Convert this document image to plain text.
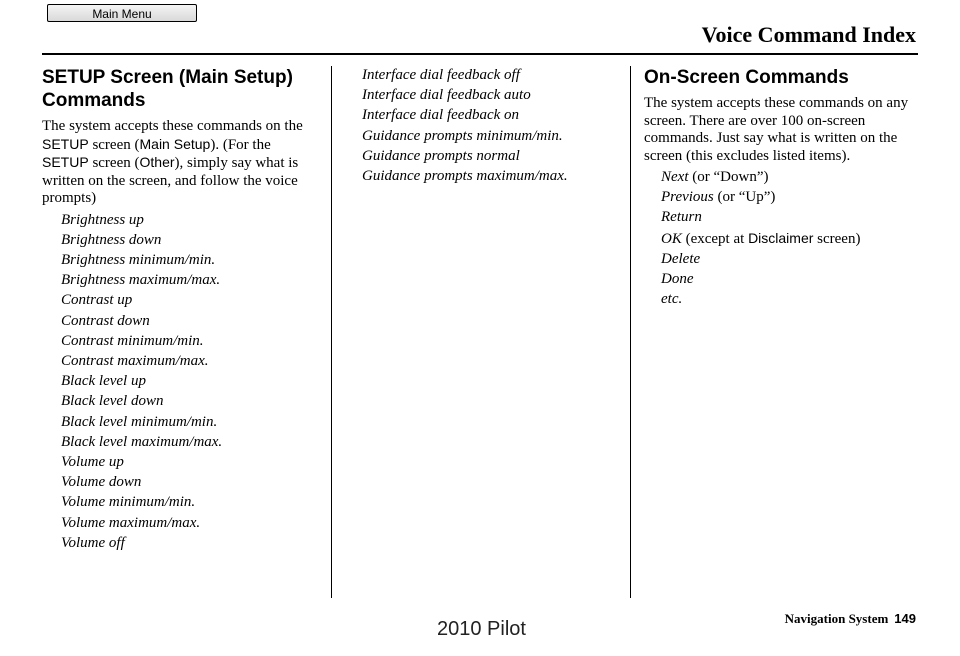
Main Menu
Voice Command Index
SETUP Screen (Main Setup) Commands

The system accepts these commands on the SETUP screen (Main Setup). (For the SETUP screen (Other), simply say what is written on the screen, and follow the voice prompts)

Brightness up
Brightness down
Brightness minimum/min.
Brightness maximum/max.
Contrast up
Contrast down
Contrast minimum/min.
Contrast maximum/max.
Black level up
Black level down
Black level minimum/min.
Black level maximum/max.
Volume up
Volume down
Volume minimum/min.
Volume maximum/max.
Volume off
Interface dial feedback off
Interface dial feedback auto
Interface dial feedback on
Guidance prompts minimum/min.
Guidance prompts normal
Guidance prompts maximum/max.
On-Screen Commands

The system accepts these commands on any screen. There are over 100 on-screen commands. Just say what is written on the screen (this excludes listed items).

Next (or “Down”)
Previous (or “Up”)
Return
OK (except at Disclaimer screen)
Delete
Done
etc.
Navigation System 149
2010 Pilot
